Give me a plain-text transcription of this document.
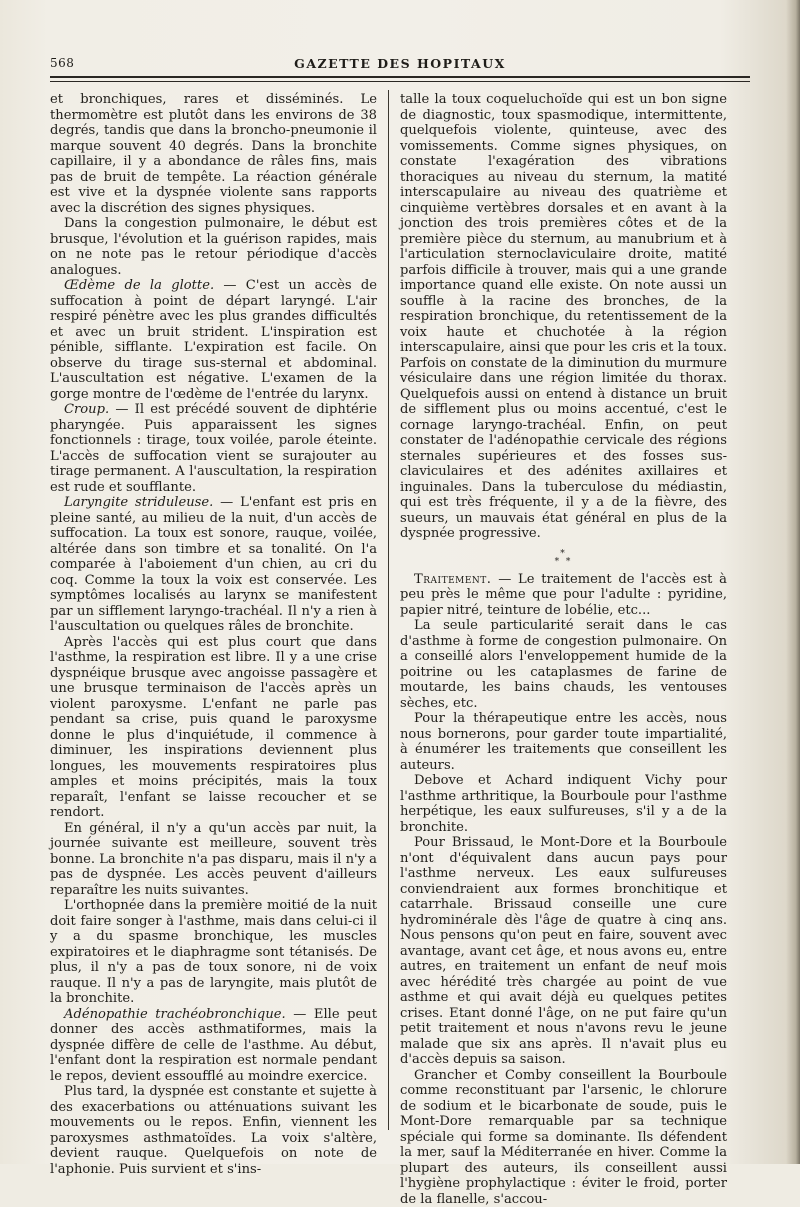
568	GAZETTE DES HOPITAUX

et bronchiques, rares et disséminés. Le thermomètre est plutôt dans les environs de 38 degrés, tandis que dans la broncho-pneumonie il marque souvent 40 degrés. Dans la bronchite capillaire, il y a abondance de râles fins, mais pas de bruit de tempête. La réaction générale est vive et la dyspnée violente sans rapports avec la discrétion des signes physiques.

Dans la congestion pulmonaire, le début est brusque, l'évolution et la guérison rapides, mais on ne note pas le retour périodique d'accès analogues.

Œdème de la glotte. — C'est un accès de suffocation à point de départ laryngé. L'air respiré pénètre avec les plus grandes difficultés et avec un bruit strident. L'inspiration est pénible, sifflante. L'expiration est facile. On observe du tirage sus-sternal et abdominal. L'auscultation est négative. L'examen de la gorge montre de l'œdème de l'entrée du larynx.

Croup. — Il est précédé souvent de diphtérie pharyngée. Puis apparaissent les signes fonctionnels : tirage, toux voilée, parole éteinte. L'accès de suffocation vient se surajouter au tirage permanent. A l'auscultation, la respiration est rude et soufflante.

Laryngite striduleuse. — L'enfant est pris en pleine santé, au milieu de la nuit, d'un accès de suffocation. La toux est sonore, rauque, voilée, altérée dans son timbre et sa tonalité. On l'a comparée à l'aboiement d'un chien, au cri du coq. Comme la toux la voix est conservée. Les symptômes localisés au larynx se manifestent par un sifflement laryngo-trachéal. Il n'y a rien à l'auscultation ou quelques râles de bronchite.

Après l'accès qui est plus court que dans l'asthme, la respiration est libre. Il y a une crise dyspnéique brusque avec angoisse passagère et une brusque terminaison de l'accès après un violent paroxysme. L'enfant ne parle pas pendant sa crise, puis quand le paroxysme donne le plus d'inquiétude, il commence à diminuer, les inspirations deviennent plus longues, les mouvements respiratoires plus amples et moins précipités, mais la toux reparaît, l'enfant se laisse recoucher et se rendort.

En général, il n'y a qu'un accès par nuit, la journée suivante est meilleure, souvent très bonne. La bronchite n'a pas disparu, mais il n'y a pas de dyspnée. Les accès peuvent d'ailleurs reparaître les nuits suivantes.

L'orthopnée dans la première moitié de la nuit doit faire songer à l'asthme, mais dans celui-ci il y a du spasme bronchique, les muscles expiratoires et le diaphragme sont tétanisés. De plus, il n'y a pas de toux sonore, ni de voix rauque. Il n'y a pas de laryngite, mais plutôt de la bronchite.

Adénopathie trachéobronchique. — Elle peut donner des accès asthmatiformes, mais la dyspnée diffère de celle de l'asthme. Au début, l'enfant dont la respiration est normale pendant le repos, devient essoufflé au moindre exercice.

Plus tard, la dyspnée est constante et sujette à des exacerbations ou atténuations suivant les mouvements ou le repos. Enfin, viennent les paroxysmes asthmatoïdes. La voix s'altère, devient rauque. Quelquefois on note de l'aphonie. Puis survient et s'ins-

talle la toux coqueluchoïde qui est un bon signe de diagnostic, toux spasmodique, intermittente, quelquefois violente, quinteuse, avec des vomissements. Comme signes physiques, on constate l'exagération des vibrations thoraciques au niveau du sternum, la matité interscapulaire au niveau des quatrième et cinquième vertèbres dorsales et en avant à la jonction des trois premières côtes et de la première pièce du sternum, au manubrium et à l'articulation sternoclaviculaire droite, matité parfois difficile à trouver, mais qui a une grande importance quand elle existe. On note aussi un souffle à la racine des bronches, de la respiration bronchique, du retentissement de la voix haute et chuchotée à la région interscapulaire, ainsi que pour les cris et la toux. Parfois on constate de la diminution du murmure vésiculaire dans une région limitée du thorax. Quelquefois aussi on entend à distance un bruit de sifflement plus ou moins accentué, c'est le cornage laryngo-trachéal. Enfin, on peut constater de l'adénopathie cervicale des régions sternales supérieures et des fosses sus-claviculaires et des adénites axillaires et inguinales. Dans la tuberculose du médiastin, qui est très fréquente, il y a de la fièvre, des sueurs, un mauvais état général en plus de la dyspnée progressive.

*
* *

Traitement. — Le traitement de l'accès est à peu près le même que pour l'adulte : pyridine, papier nitré, teinture de lobélie, etc...

La seule particularité serait dans le cas d'asthme à forme de congestion pulmonaire. On a conseillé alors l'enveloppement humide de la poitrine ou les cataplasmes de farine de moutarde, les bains chauds, les ventouses sèches, etc.

Pour la thérapeutique entre les accès, nous nous bornerons, pour garder toute impartialité, à énumérer les traitements que conseillent les auteurs.

Debove et Achard indiquent Vichy pour l'asthme arthritique, la Bourboule pour l'asthme herpétique, les eaux sulfureuses, s'il y a de la bronchite.

Pour Brissaud, le Mont-Dore et la Bourboule n'ont d'équivalent dans aucun pays pour l'asthme nerveux. Les eaux sulfureuses conviendraient aux formes bronchitique et catarrhale. Brissaud conseille une cure hydrominérale dès l'âge de quatre à cinq ans. Nous pensons qu'on peut en faire, souvent avec avantage, avant cet âge, et nous avons eu, entre autres, en traitement un enfant de neuf mois avec hérédité très chargée au point de vue asthme et qui avait déjà eu quelques petites crises. Etant donné l'âge, on ne put faire qu'un petit traitement et nous n'avons revu le jeune malade que six ans après. Il n'avait plus eu d'accès depuis sa saison.

Grancher et Comby conseillent la Bourboule comme reconstituant par l'arsenic, le chlorure de sodium et le bicarbonate de soude, puis le Mont-Dore remarquable par sa technique spéciale qui forme sa dominante. Ils défendent la mer, sauf la Méditerranée en hiver. Comme la plupart des auteurs, ils conseillent aussi l'hygiène prophylactique : éviter le froid, porter de la flanelle, s'accou-
